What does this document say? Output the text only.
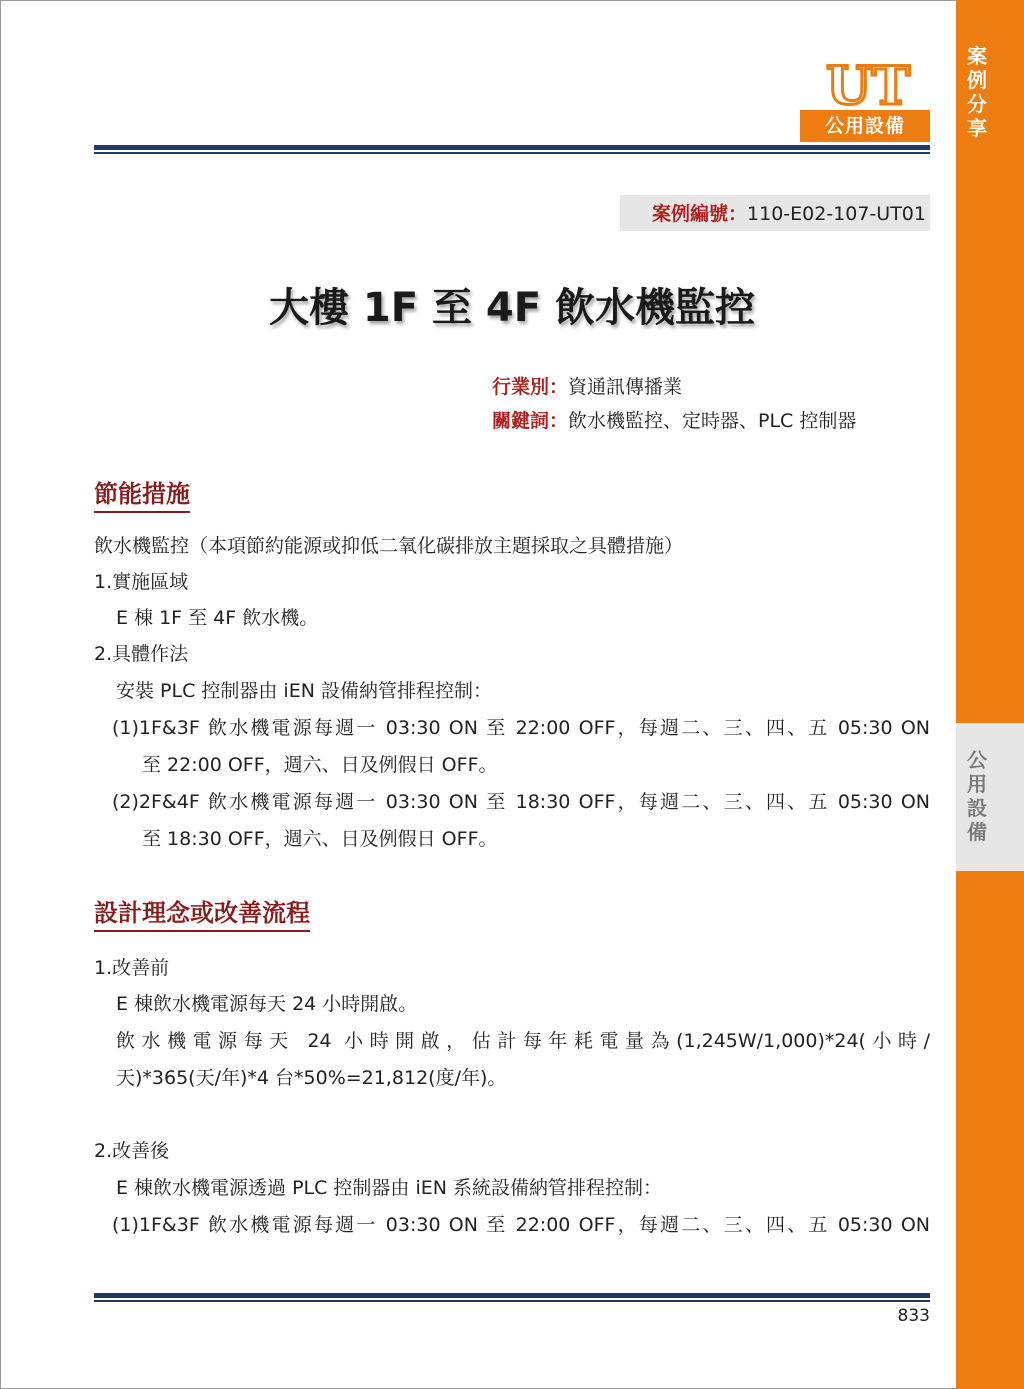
案
例
分
享
公
用
設
備
UT
公用設備
案例編號：110-E02-107-UT01
大樓 1F 至 4F 飲水機監控
行業別：資通訊傳播業
關鍵詞：飲水機監控、定時器、PLC 控制器
節能措施
飲水機監控（本項節約能源或抑低二氧化碳排放主題採取之具體措施）
1.實施區域
E 棟 1F 至 4F 飲水機。
2.具體作法
安裝 PLC 控制器由 iEN 設備納管排程控制：
(1)1F&3F 飲水機電源每週一 03:30 ON 至 22:00 OFF，每週二、三、四、五 05:30 ON
至 22:00 OFF，週六、日及例假日 OFF。
(2)2F&4F 飲水機電源每週一 03:30 ON 至 18:30 OFF，每週二、三、四、五 05:30 ON
至 18:30 OFF，週六、日及例假日 OFF。
設計理念或改善流程
1.改善前
E 棟飲水機電源每天 24 小時開啟。
飲水機電源每天 24 小時開啟，估計每年耗電量為(1,245W/1,000)*24(小時/
天)*365(天/年)*4 台*50%=21,812(度/年)。
2.改善後
E 棟飲水機電源透過 PLC 控制器由 iEN 系統設備納管排程控制：
(1)1F&3F 飲水機電源每週一 03:30 ON 至 22:00 OFF，每週二、三、四、五 05:30 ON
833
